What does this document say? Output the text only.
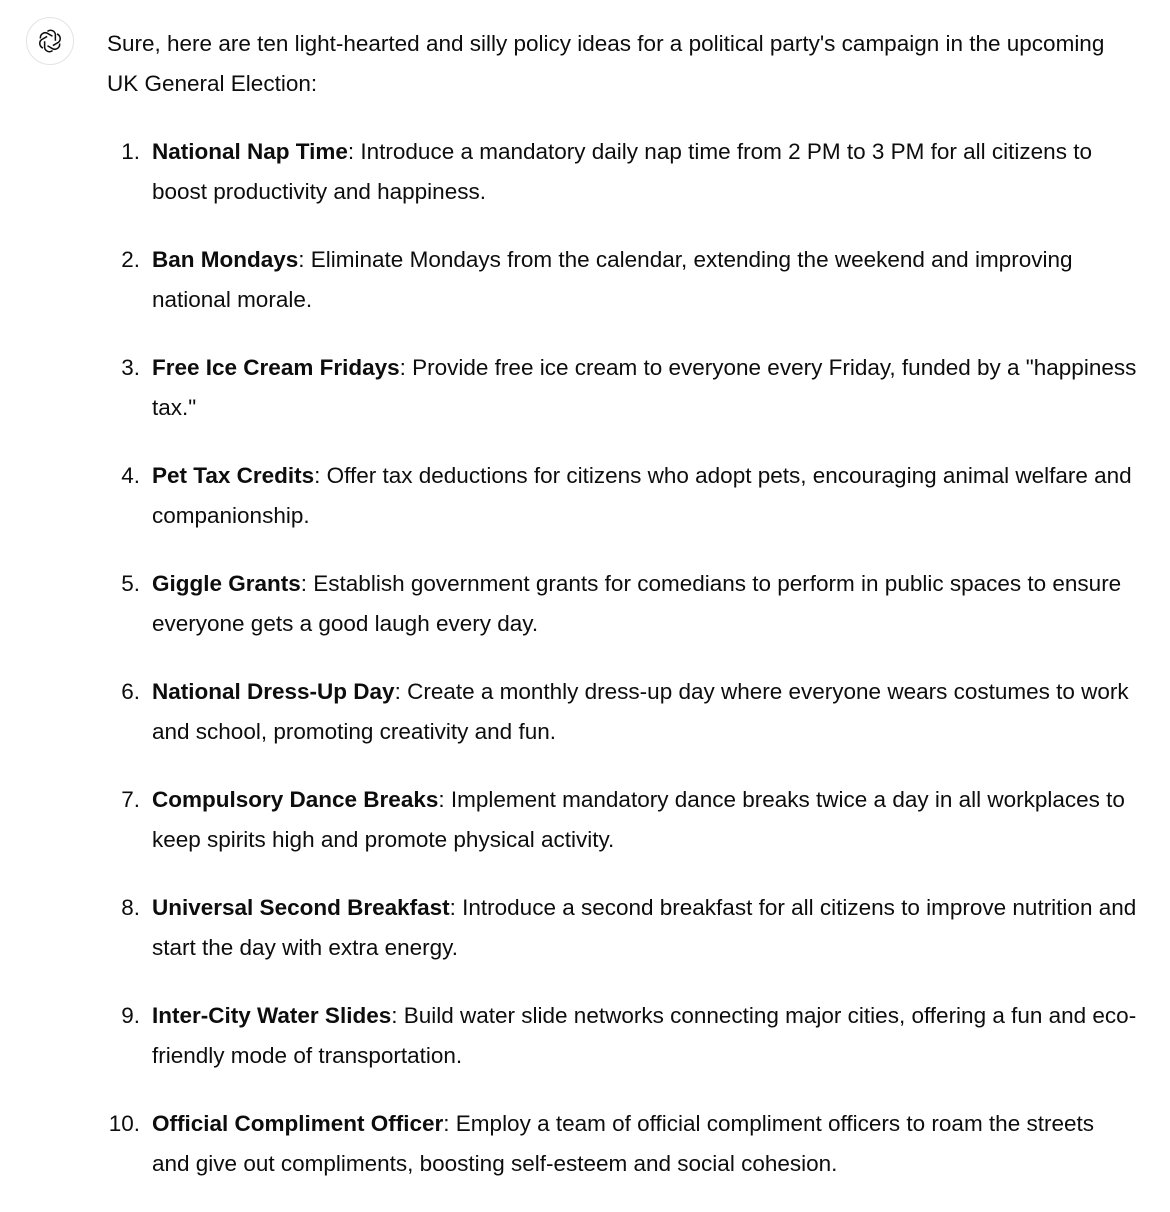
Sure, here are ten light-hearted and silly policy ideas for a political party's campaign in the upcoming UK General Election:

1. National Nap Time: Introduce a mandatory daily nap time from 2 PM to 3 PM for all citizens to boost productivity and happiness.
2. Ban Mondays: Eliminate Mondays from the calendar, extending the weekend and improving national morale.
3. Free Ice Cream Fridays: Provide free ice cream to everyone every Friday, funded by a "happiness tax."
4. Pet Tax Credits: Offer tax deductions for citizens who adopt pets, encouraging animal welfare and companionship.
5. Giggle Grants: Establish government grants for comedians to perform in public spaces to ensure everyone gets a good laugh every day.
6. National Dress-Up Day: Create a monthly dress-up day where everyone wears costumes to work and school, promoting creativity and fun.
7. Compulsory Dance Breaks: Implement mandatory dance breaks twice a day in all workplaces to keep spirits high and promote physical activity.
8. Universal Second Breakfast: Introduce a second breakfast for all citizens to improve nutrition and start the day with extra energy.
9. Inter-City Water Slides: Build water slide networks connecting major cities, offering a fun and eco-friendly mode of transportation.
10. Official Compliment Officer: Employ a team of official compliment officers to roam the streets and give out compliments, boosting self-esteem and social cohesion.
